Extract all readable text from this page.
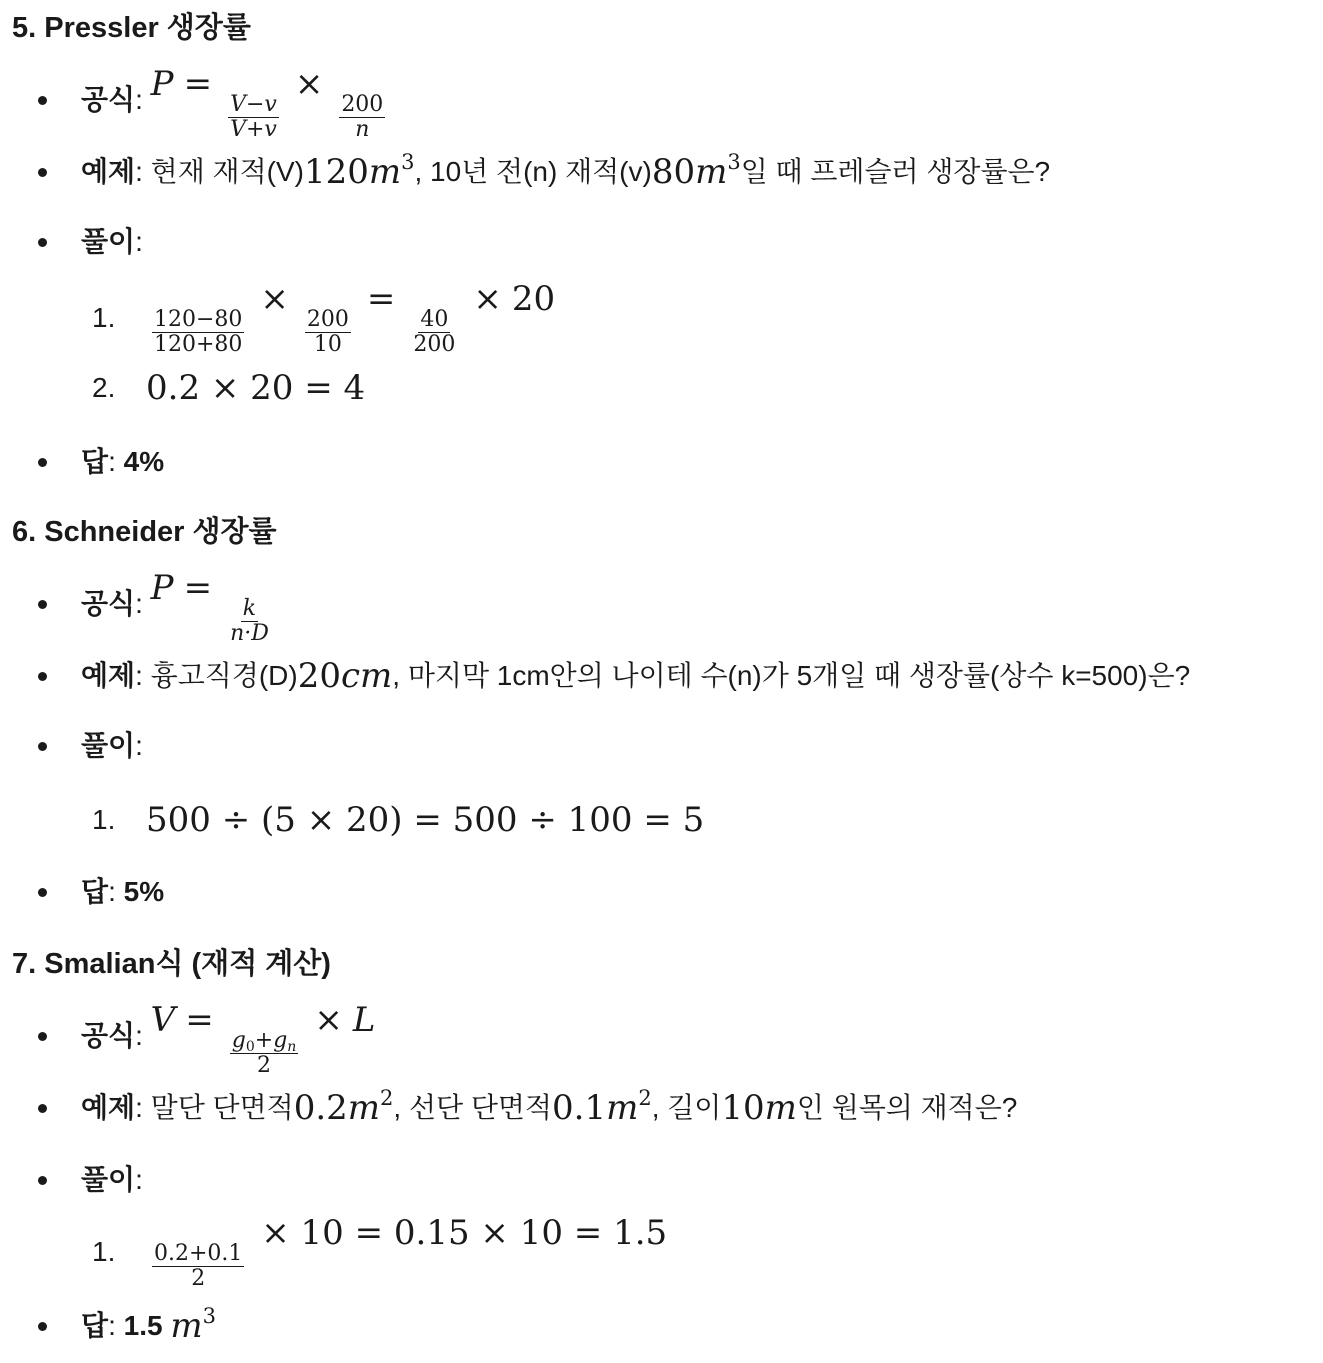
5. Pressler 생장률
공식 : P =
$\frac{V-v}{V+v}$
×
$\frac{200}{n}$
예제 : 현재 재적(V) $120m^3$ , 10년 전(n) 재적(v) $80m^3$ 일 때 프레슬러 생장률은?
풀이 :
1.	$\frac{120-80}{120+80}$
×
$\frac{200}{10}$
=
$\frac{40}{200}$
× 20
2. 0.2 × 20 = 4
답 : 4%
6. Schneider 생장률
공식 : P =
$\frac{k}{n\cdot D}$
예제 : 흉고직경(D) 20cm , 마지막 1cm안의 나이테 수(n)가 5개일 때 생장률(상수 k=500)은?
풀이 :
1. 500 ÷ (5 × 20) = 500 ÷ 100 = 5
답 : 5%
7. Smalian식 (재적 계산)
공식 : V =
$\frac{g_0+g_n}{2}$
× L
예제 : 말단 단면적 $0.2m^2$ , 선단 단면적 $0.1m^2$ , 길이 10m 인 원목의 재적은?
풀이 :
1.	$\frac{0.2+0.1}{2}$
× 10 = 0.15 × 10 = 1.5
답 : 1.5
$m^3$
